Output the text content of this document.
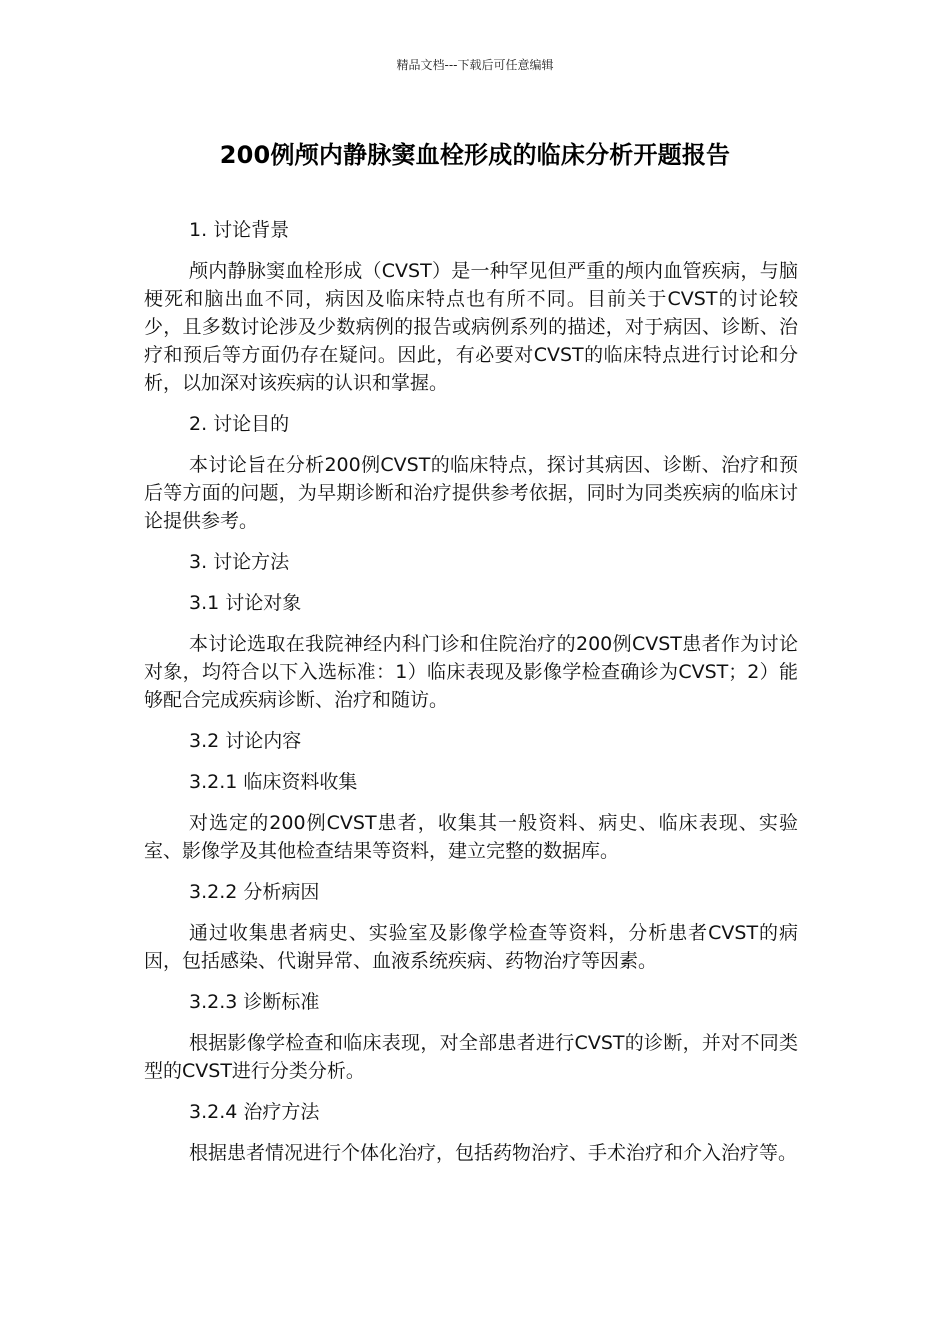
精品文档---下载后可任意编辑
200例颅内静脉窦血栓形成的临床分析开题报告

1. 讨论背景

颅内静脉窦血栓形成（CVST）是一种罕见但严重的颅内血管疾病，与脑梗死和脑出血不同，病因及临床特点也有所不同。目前关于CVST的讨论较少，且多数讨论涉及少数病例的报告或病例系列的描述，对于病因、诊断、治疗和预后等方面仍存在疑问。因此，有必要对CVST的临床特点进行讨论和分析，以加深对该疾病的认识和掌握。

2. 讨论目的

本讨论旨在分析200例CVST的临床特点，探讨其病因、诊断、治疗和预后等方面的问题，为早期诊断和治疗提供参考依据，同时为同类疾病的临床讨论提供参考。

3. 讨论方法

3.1 讨论对象

本讨论选取在我院神经内科门诊和住院治疗的200例CVST患者作为讨论对象，均符合以下入选标准：1）临床表现及影像学检查确诊为CVST；2）能够配合完成疾病诊断、治疗和随访。

3.2 讨论内容

3.2.1 临床资料收集

对选定的200例CVST患者，收集其一般资料、病史、临床表现、实验室、影像学及其他检查结果等资料，建立完整的数据库。

3.2.2 分析病因

通过收集患者病史、实验室及影像学检查等资料，分析患者CVST的病因，包括感染、代谢异常、血液系统疾病、药物治疗等因素。

3.2.3 诊断标准

根据影像学检查和临床表现，对全部患者进行CVST的诊断，并对不同类型的CVST进行分类分析。

3.2.4 治疗方法

根据患者情况进行个体化治疗，包括药物治疗、手术治疗和介入治疗等。
